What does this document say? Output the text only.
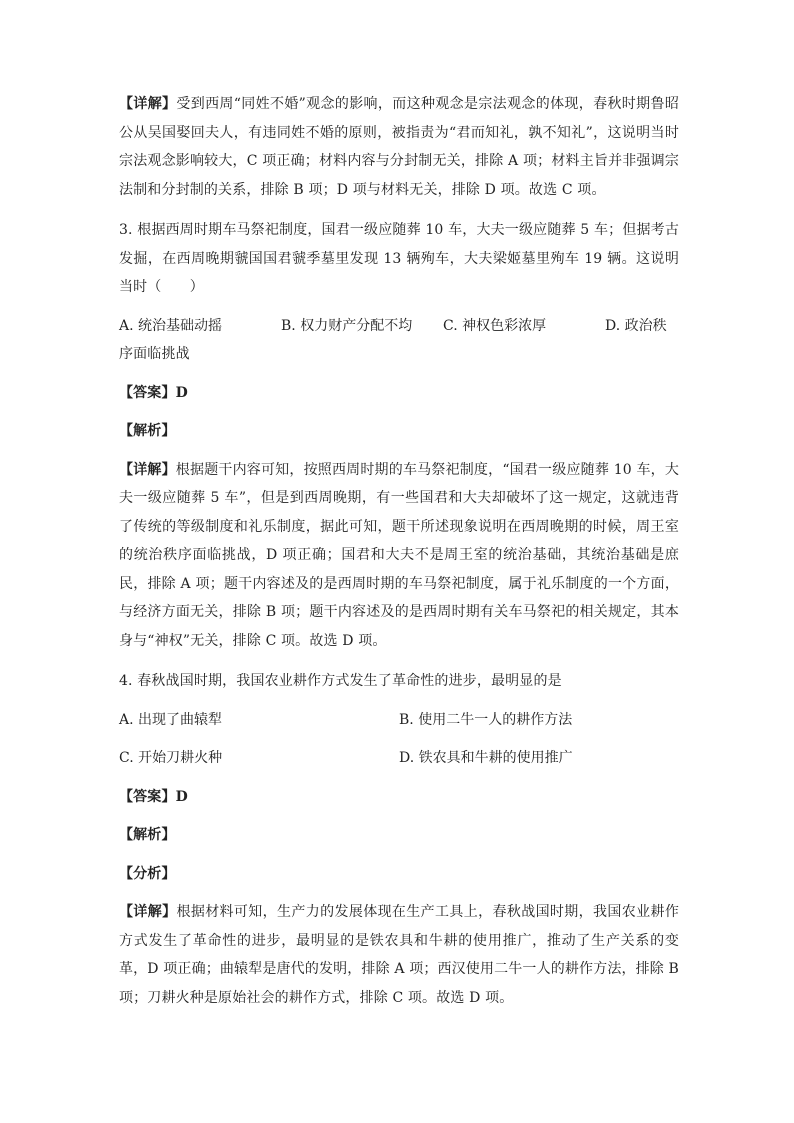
【详解】受到西周“同姓不婚”观念的影响，而这种观念是宗法观念的体现，春秋时期鲁昭公从吴国娶回夫人，有违同姓不婚的原则，被指责为“君而知礼，孰不知礼”，这说明当时宗法观念影响较大，C 项正确；材料内容与分封制无关，排除 A 项；材料主旨并非强调宗法制和分封制的关系，排除 B 项；D 项与材料无关，排除 D 项。故选 C 项。

3. 根据西周时期车马祭祀制度，国君一级应随葬 10 车，大夫一级应随葬 5 车；但据考古发掘，在西周晚期虢国国君虢季墓里发现 13 辆殉车，大夫梁姬墓里殉车 19 辆。这说明当时（　　）

A. 统治基础动摇	B. 权力财产分配不均	C. 神权色彩浓厚	D. 政治秩

序面临挑战

【答案】D

【解析】

【详解】根据题干内容可知，按照西周时期的车马祭祀制度，“国君一级应随葬 10 车，大夫一级应随葬 5 车”，但是到西周晚期，有一些国君和大夫却破坏了这一规定，这就违背了传统的等级制度和礼乐制度，据此可知，题干所述现象说明在西周晚期的时候，周王室的统治秩序面临挑战，D 项正确；国君和大夫不是周王室的统治基础，其统治基础是庶民，排除 A 项；题干内容述及的是西周时期的车马祭祀制度，属于礼乐制度的一个方面，与经济方面无关，排除 B 项；题干内容述及的是西周时期有关车马祭祀的相关规定，其本身与“神权”无关，排除 C 项。故选 D 项。

4. 春秋战国时期，我国农业耕作方式发生了革命性的进步，最明显的是

A. 出现了曲辕犁	B. 使用二牛一人的耕作方法
C. 开始刀耕火种	D. 铁农具和牛耕的使用推广

【答案】D

【解析】

【分析】

【详解】根据材料可知，生产力的发展体现在生产工具上，春秋战国时期，我国农业耕作方式发生了革命性的进步，最明显的是铁农具和牛耕的使用推广，推动了生产关系的变革，D 项正确；曲辕犁是唐代的发明，排除 A 项；西汉使用二牛一人的耕作方法，排除 B 项；刀耕火种是原始社会的耕作方式，排除 C 项。故选 D 项。
